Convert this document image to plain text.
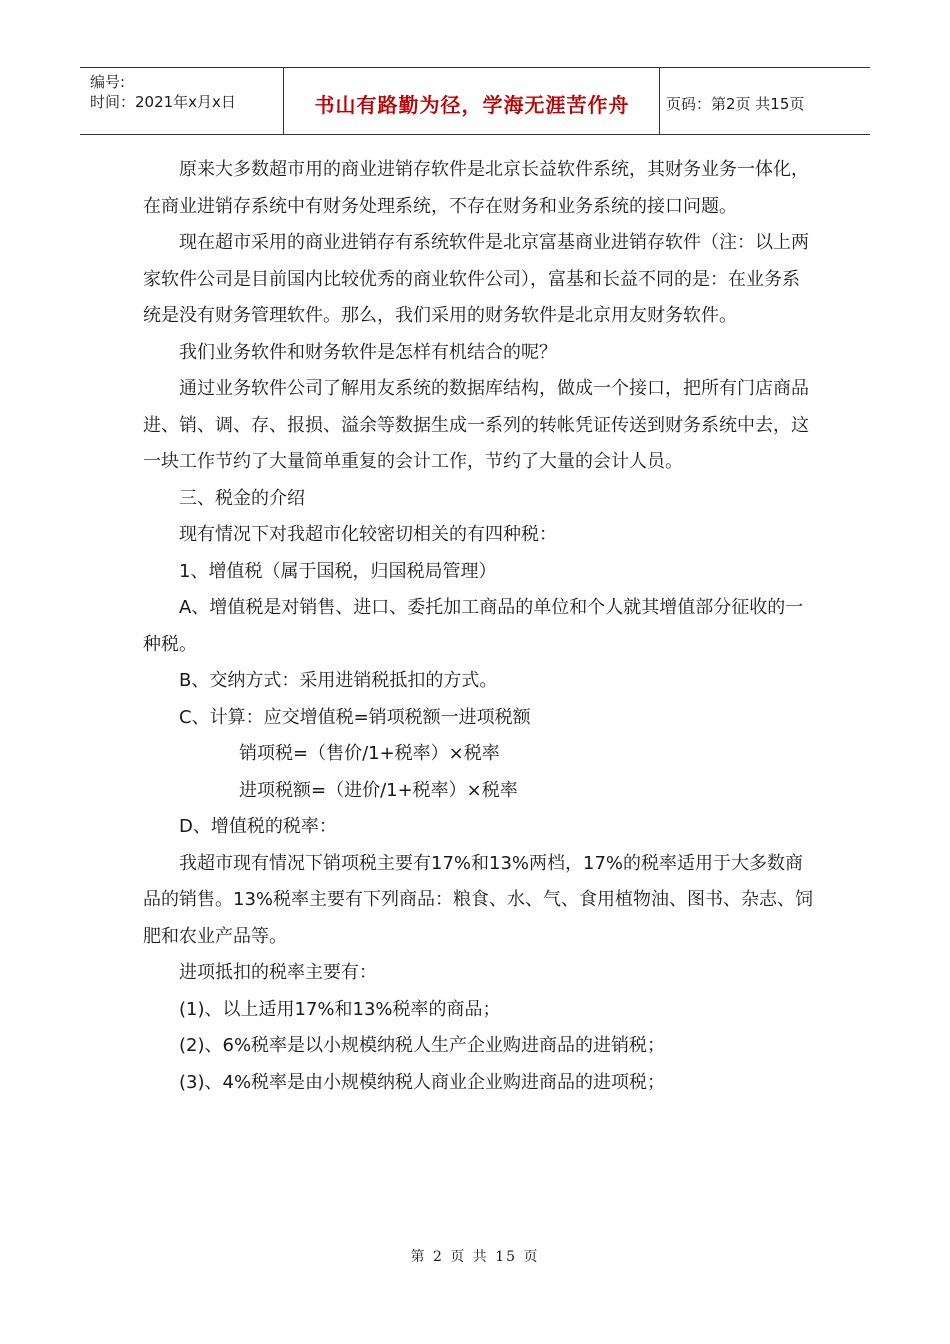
编号:
时间：2021年x月x日	书山有路勤为径，学海无涯苦作舟	页码：第2页 共15页

原来大多数超市用的商业进销存软件是北京长益软件系统，其财务业务一体化，在商业进销存系统中有财务处理系统，不存在财务和业务系统的接口问题。

现在超市采用的商业进销存有系统软件是北京富基商业进销存软件（注：以上两家软件公司是目前国内比较优秀的商业软件公司），富基和长益不同的是：在业务系统是没有财务管理软件。那么，我们采用的财务软件是北京用友财务软件。

我们业务软件和财务软件是怎样有机结合的呢？

通过业务软件公司了解用友系统的数据库结构，做成一个接口，把所有门店商品进、销、调、存、报损、溢余等数据生成一系列的转帐凭证传送到财务系统中去，这一块工作节约了大量简单重复的会计工作，节约了大量的会计人员。

三、税金的介绍

现有情况下对我超市化较密切相关的有四种税：

1、增值税（属于国税，归国税局管理）

A、增值税是对销售、进口、委托加工商品的单位和个人就其增值部分征收的一种税。

B、交纳方式：采用进销税抵扣的方式。

C、计算：应交增值税=销项税额一进项税额

销项税=（售价/1+税率）×税率

进项税额=（进价/1+税率）×税率

D、增值税的税率：

我超市现有情况下销项税主要有17%和13%两档，17%的税率适用于大多数商品的销售。13%税率主要有下列商品：粮食、水、气、食用植物油、图书、杂志、饲肥和农业产品等。

进项抵扣的税率主要有：

(1)、以上适用17%和13%税率的商品；

(2)、6%税率是以小规模纳税人生产企业购进商品的进销税；

(3)、4%税率是由小规模纳税人商业企业购进商品的进项税；

第 2 页 共 15 页
